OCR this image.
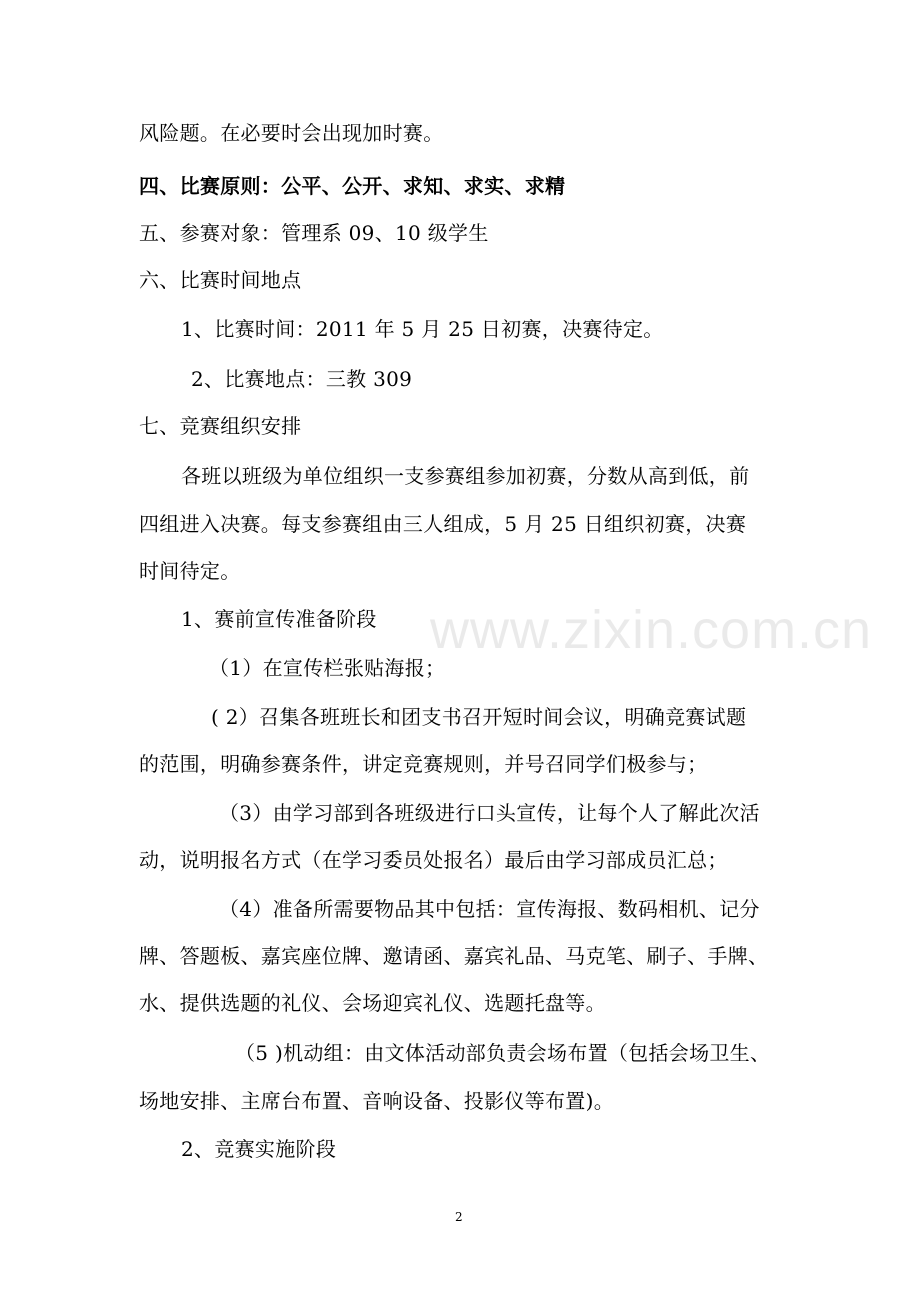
风险题。在必要时会出现加时赛。
四、比赛原则：公平、公开、求知、求实、求精
五、参赛对象：管理系 09、10 级学生
六、比赛时间地点
1、比赛时间：2011 年 5 月 25 日初赛，决赛待定。
2、比赛地点：三教 309
七、竞赛组织安排
各班以班级为单位组织一支参赛组参加初赛，分数从高到低，前
四组进入决赛。每支参赛组由三人组成，5 月 25 日组织初赛，决赛
时间待定。
1、赛前宣传准备阶段
（1）在宣传栏张贴海报；
( 2）召集各班班长和团支书召开短时间会议，明确竞赛试题
的范围，明确参赛条件，讲定竞赛规则，并号召同学们极参与；
（3）由学习部到各班级进行口头宣传，让每个人了解此次活
动，说明报名方式（在学习委员处报名）最后由学习部成员汇总；
（4）准备所需要物品其中包括：宣传海报、数码相机、记分
牌、答题板、嘉宾座位牌、邀请函、嘉宾礼品、马克笔、刷子、手牌、
水、提供选题的礼仪、会场迎宾礼仪、选题托盘等。
（5 )机动组：由文体活动部负责会场布置（包括会场卫生、
场地安排、主席台布置、音响设备、投影仪等布置)。
2、竞赛实施阶段
www.zixin.com.cn
2
